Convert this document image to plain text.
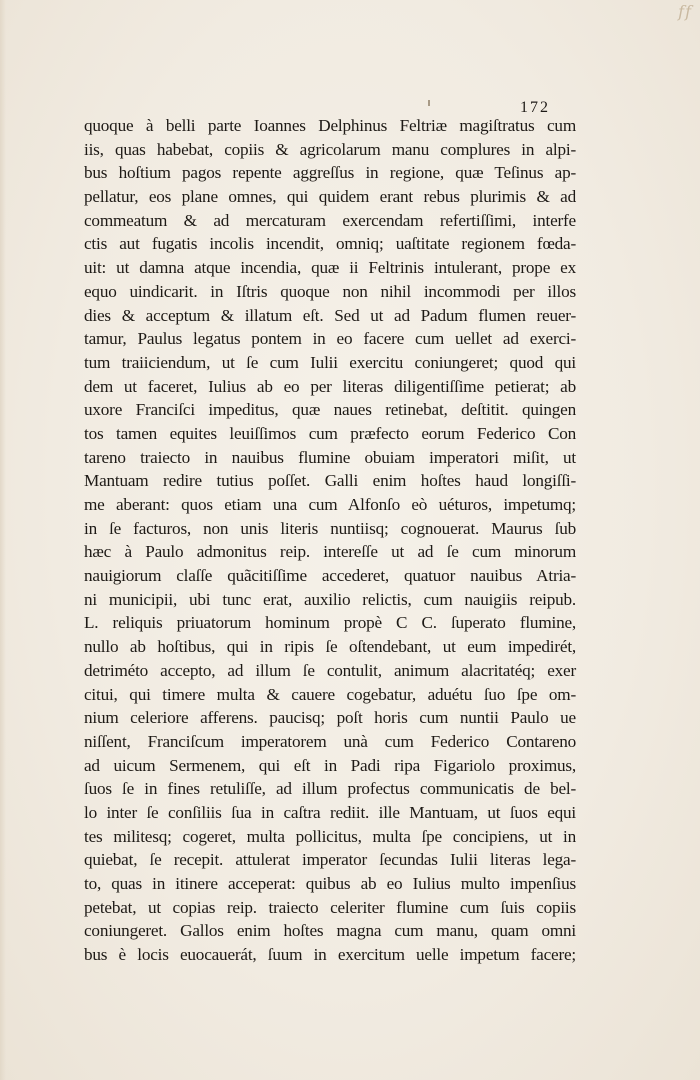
ff
172
quoque à belli parte Ioannes Delphinus Feltriæ magiſtratus cum
iis, quas habebat, copiis & agricolarum manu complures in alpi-
bus hoſtium pagos repente aggreſſus in regione, quæ Teſinus ap-
pellatur, eos plane omnes, qui quidem erant rebus plurimis & ad
commeatum & ad mercaturam exercendam refertiſſimi, interfe
ctis aut fugatis incolis incendit, omniq; uaſtitate regionem fœda-
uit: ut damna atque incendia, quæ ii Feltrinis intulerant, prope ex
equo uindicarit. in Iſtris quoque non nihil incommodi per illos
dies & acceptum & illatum eſt. Sed ut ad Padum flumen reuer-
tamur, Paulus legatus pontem in eo facere cum uellet ad exerci-
tum traiiciendum, ut ſe cum Iulii exercitu coniungeret; quod qui
dem ut faceret, Iulius ab eo per literas diligentiſſime petierat; ab
uxore Franciſci impeditus, quæ naues retinebat, deſtitit. quingen
tos tamen equites leuiſſimos cum præfecto eorum Federico Con
tareno traiecto in nauibus flumine obuiam imperatori miſit, ut
Mantuam redire tutius poſſet. Galli enim hoſtes haud longiſſi-
me aberant: quos etiam una cum Alfonſo eò uéturos, impetumq;
in ſe facturos, non unis literis nuntiisq; cognouerat. Maurus ſub
hæc à Paulo admonitus reip. intereſſe ut ad ſe cum minorum
nauigiorum claſſe quãcitiſſime accederet, quatuor nauibus Atria-
ni municipii, ubi tunc erat, auxilio relictis, cum nauigiis reipub.
L. reliquis priuatorum hominum propè C C. ſuperato flumine,
nullo ab hoſtibus, qui in ripis ſe oſtendebant, ut eum impedirét,
detriméto accepto, ad illum ſe contulit, animum alacritatéq; exer
citui, qui timere multa & cauere cogebatur, aduétu ſuo ſpe om-
nium celeriore afferens. paucisq; poſt horis cum nuntii Paulo ue
niſſent, Franciſcum imperatorem unà cum Federico Contareno
ad uicum Sermenem, qui eſt in Padi ripa Figariolo proximus,
ſuos ſe in fines retuliſſe, ad illum profectus communicatis de bel-
lo inter ſe conſiliis ſua in caſtra rediit. ille Mantuam, ut ſuos equi
tes militesq; cogeret, multa pollicitus, multa ſpe concipiens, ut in
quiebat, ſe recepit. attulerat imperator ſecundas Iulii literas lega-
to, quas in itinere acceperat: quibus ab eo Iulius multo impenſius
petebat, ut copias reip. traiecto celeriter flumine cum ſuis copiis
coniungeret. Gallos enim hoſtes magna cum manu, quam omni
bus è locis euocauerát, ſuum in exercitum uelle impetum facere;
